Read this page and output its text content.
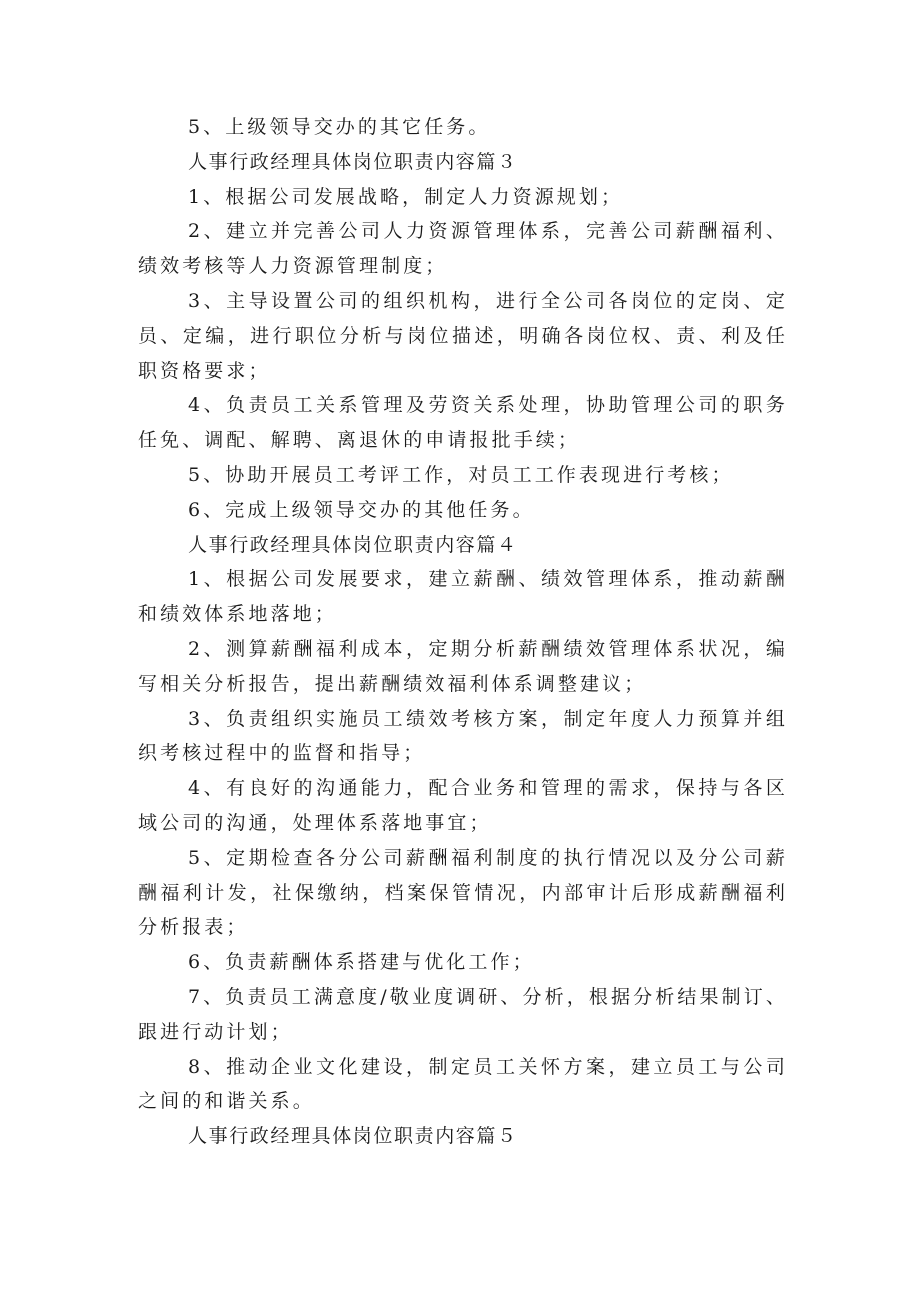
5、上级领导交办的其它任务。

人事行政经理具体岗位职责内容篇３

1、根据公司发展战略，制定人力资源规划；

2、建立并完善公司人力资源管理体系，完善公司薪酬福利、绩效考核等人力资源管理制度；

3、主导设置公司的组织机构，进行全公司各岗位的定岗、定员、定编，进行职位分析与岗位描述，明确各岗位权、责、利及任职资格要求；

4、负责员工关系管理及劳资关系处理，协助管理公司的职务任免、调配、解聘、离退休的申请报批手续；

5、协助开展员工考评工作，对员工工作表现进行考核；

6、完成上级领导交办的其他任务。

人事行政经理具体岗位职责内容篇４

1、根据公司发展要求，建立薪酬、绩效管理体系，推动薪酬和绩效体系地落地；

2、测算薪酬福利成本，定期分析薪酬绩效管理体系状况，编写相关分析报告，提出薪酬绩效福利体系调整建议；

3、负责组织实施员工绩效考核方案，制定年度人力预算并组织考核过程中的监督和指导；

4、有良好的沟通能力，配合业务和管理的需求，保持与各区域公司的沟通，处理体系落地事宜；

5、定期检查各分公司薪酬福利制度的执行情况以及分公司薪酬福利计发，社保缴纳，档案保管情况，内部审计后形成薪酬福利分析报表；

6、负责薪酬体系搭建与优化工作；

7、负责员工满意度/敬业度调研、分析，根据分析结果制订、跟进行动计划；

8、推动企业文化建设，制定员工关怀方案，建立员工与公司之间的和谐关系。

人事行政经理具体岗位职责内容篇５
